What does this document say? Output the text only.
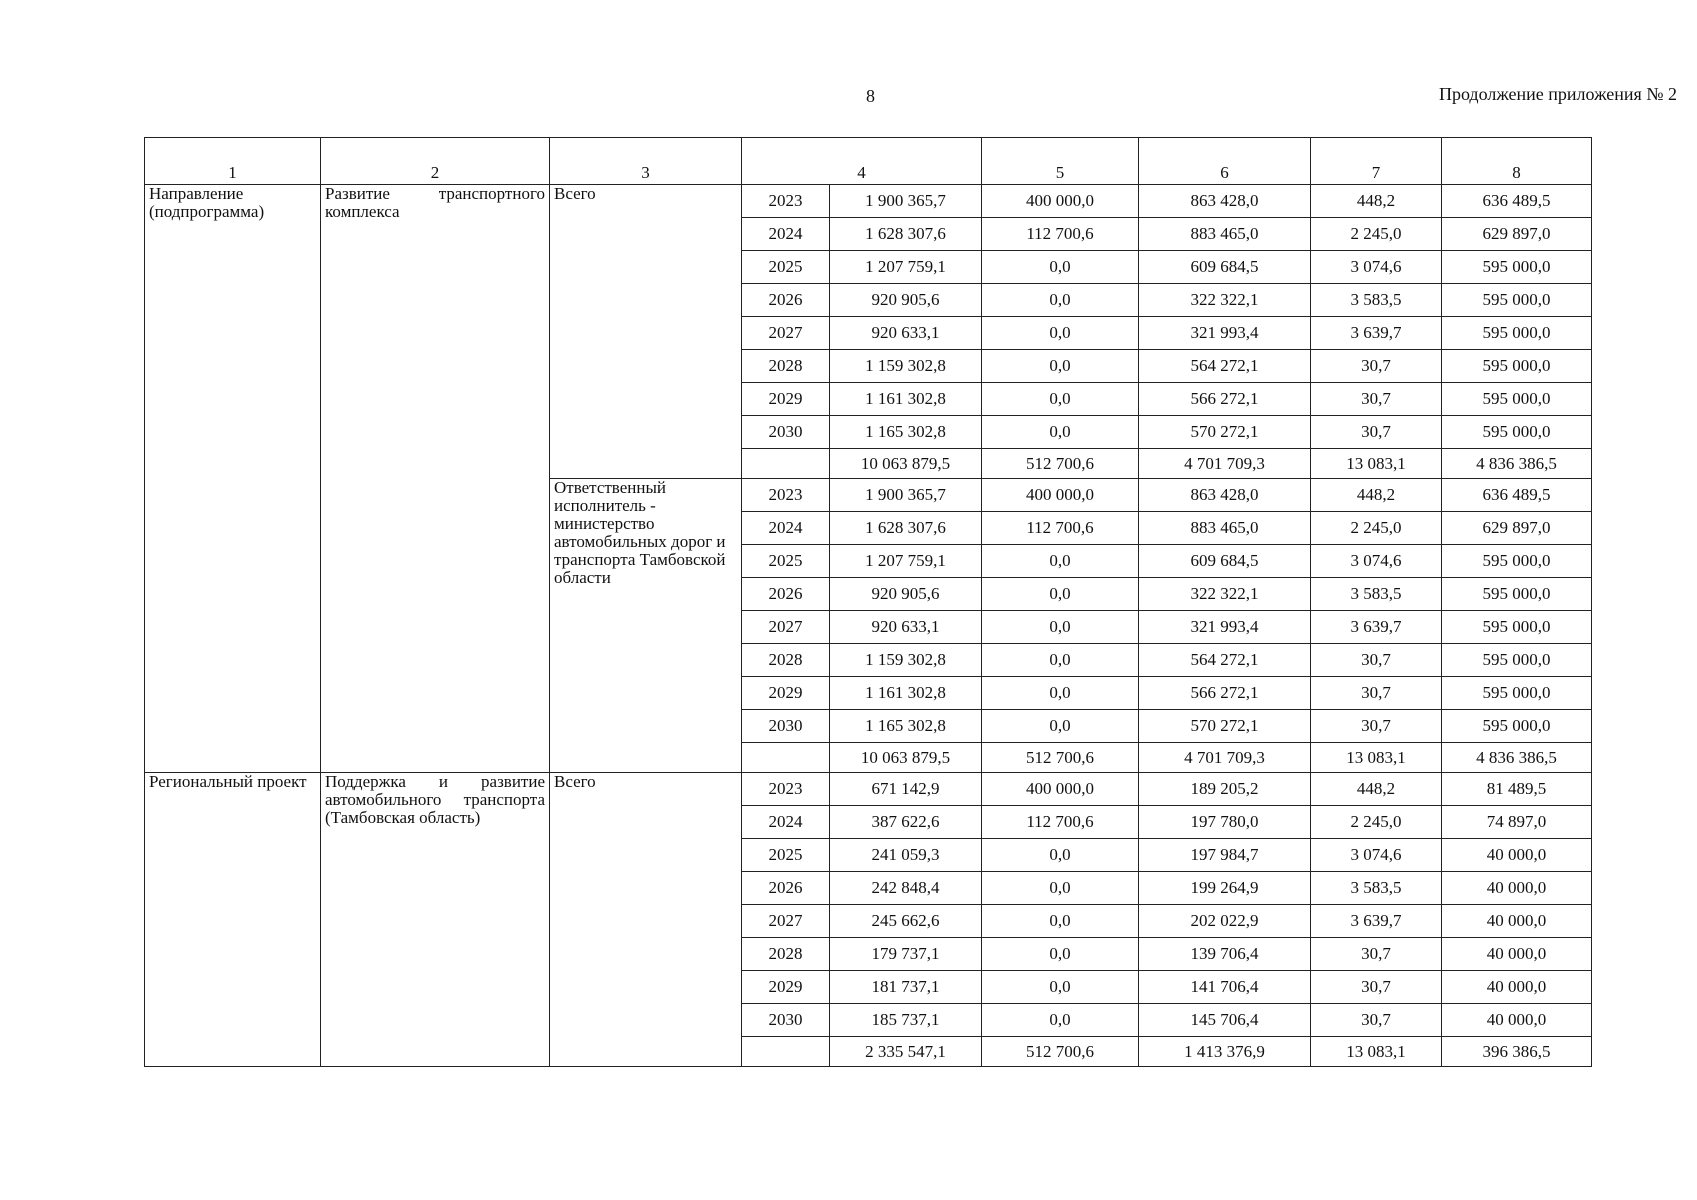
8	Продолжение приложения № 2
1	2	3	4		5	6	7	8
Направление (подпрограмма)	Развитие транспортного комплекса	Всего	2023	1 900 365,7	400 000,0	863 428,0	448,2	636 489,5
			2024	1 628 307,6	112 700,6	883 465,0	2 245,0	629 897,0
			2025	1 207 759,1	0,0	609 684,5	3 074,6	595 000,0
			2026	920 905,6	0,0	322 322,1	3 583,5	595 000,0
			2027	920 633,1	0,0	321 993,4	3 639,7	595 000,0
			2028	1 159 302,8	0,0	564 272,1	30,7	595 000,0
			2029	1 161 302,8	0,0	566 272,1	30,7	595 000,0
			2030	1 165 302,8	0,0	570 272,1	30,7	595 000,0
				10 063 879,5	512 700,6	4 701 709,3	13 083,1	4 836 386,5
		Ответственный исполнитель - министерство автомобильных дорог и транспорта Тамбовской области	2023	1 900 365,7	400 000,0	863 428,0	448,2	636 489,5
			2024	1 628 307,6	112 700,6	883 465,0	2 245,0	629 897,0
			2025	1 207 759,1	0,0	609 684,5	3 074,6	595 000,0
			2026	920 905,6	0,0	322 322,1	3 583,5	595 000,0
			2027	920 633,1	0,0	321 993,4	3 639,7	595 000,0
			2028	1 159 302,8	0,0	564 272,1	30,7	595 000,0
			2029	1 161 302,8	0,0	566 272,1	30,7	595 000,0
			2030	1 165 302,8	0,0	570 272,1	30,7	595 000,0
				10 063 879,5	512 700,6	4 701 709,3	13 083,1	4 836 386,5
Региональный проект	Поддержка и развитие автомобильного транспорта (Тамбовская область)	Всего	2023	671 142,9	400 000,0	189 205,2	448,2	81 489,5
			2024	387 622,6	112 700,6	197 780,0	2 245,0	74 897,0
			2025	241 059,3	0,0	197 984,7	3 074,6	40 000,0
			2026	242 848,4	0,0	199 264,9	3 583,5	40 000,0
			2027	245 662,6	0,0	202 022,9	3 639,7	40 000,0
			2028	179 737,1	0,0	139 706,4	30,7	40 000,0
			2029	181 737,1	0,0	141 706,4	30,7	40 000,0
			2030	185 737,1	0,0	145 706,4	30,7	40 000,0
				2 335 547,1	512 700,6	1 413 376,9	13 083,1	396 386,5
